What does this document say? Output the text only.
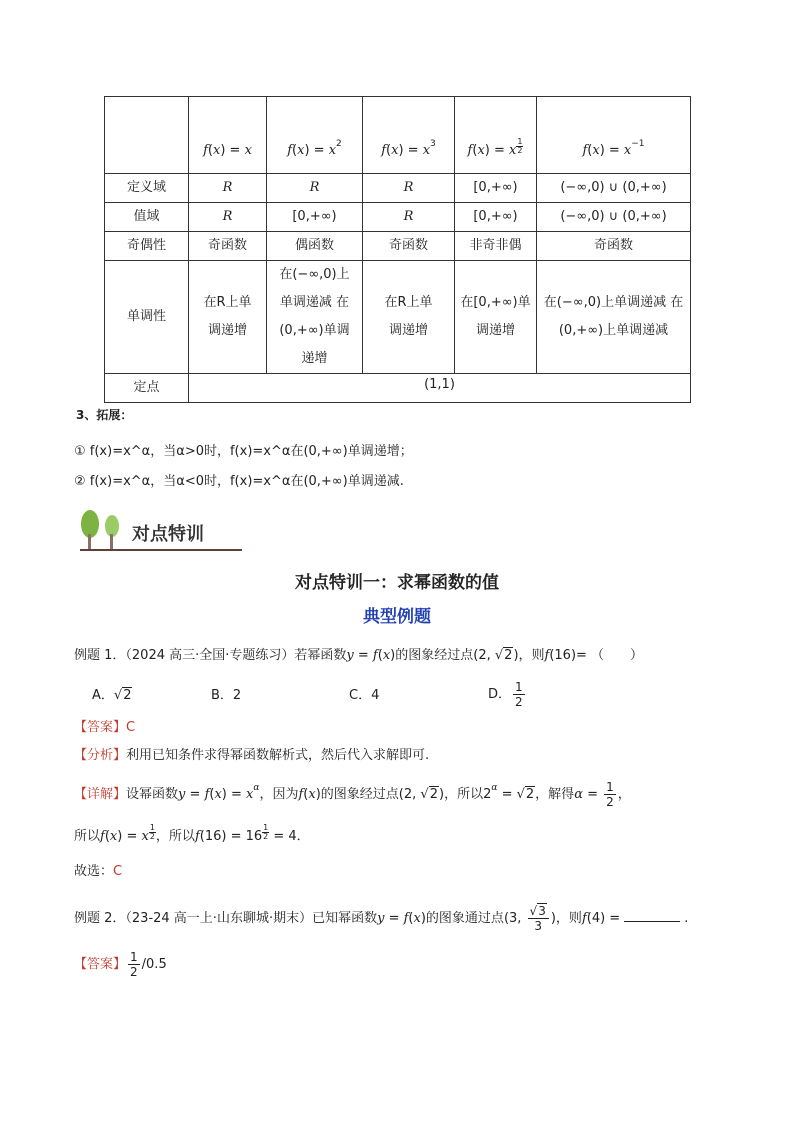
	f(x) = x	$f(x) = x^2$	$f(x) = x^3$	f(x) = x $\frac{1}{2}$	$f(x) = x^{-1}$
定义域	R	R	R	[0,+∞)	(−∞,0) ∪ (0,+∞)
值域	R	[0,+∞)	R	[0,+∞)	(−∞,0) ∪ (0,+∞)
奇偶性	奇函数	偶函数	奇函数	非奇非偶	奇函数
单调性	在R上单调递增	在(−∞,0)上单调递减 在(0,+∞)单调递增	在R上单调递增	在[0,+∞)单调递增	在(−∞,0)上单调递减 在(0,+∞)上单调递减
定点	(1,1)				
3、拓展：
① f(x)=x^α，当α>0时，f(x)=x^α在(0,+∞)单调递增；
② f(x)=x^α，当α<0时，f(x)=x^α在(0,+∞)单调递减.
对点特训
对点特训一：求幂函数的值
典型例题
例题 1．（2024 高三·全国·专题练习）若幂函数y = f(x)的图象经过点(2, √2)，则f(16)= （　　）
A．√2	B．2	C．4	D． $\frac{1}{2}$
【答案】C
【分析】利用已知条件求得幂函数解析式，然后代入求解即可.
【详解】设幂函数$y = f(x) = x^\alpha$，因为f(x)的图象经过点(2, √2)，所以$2^\alpha = √2$，解得$\alpha = \frac{1}{2}$ ，
所以f(x) = x $\frac{1}{2}$ ，所以$f(16) = 16 \frac{1}{2} = 4$．
故选：C
例题 2．（23-24 高一上·山东聊城·期末）已知幂函数y = f(x)的图象通过点(3, $\frac{√3}{3}$ )，则f(4) =	.
【答案】 $\frac{1}{2} /0.5$
